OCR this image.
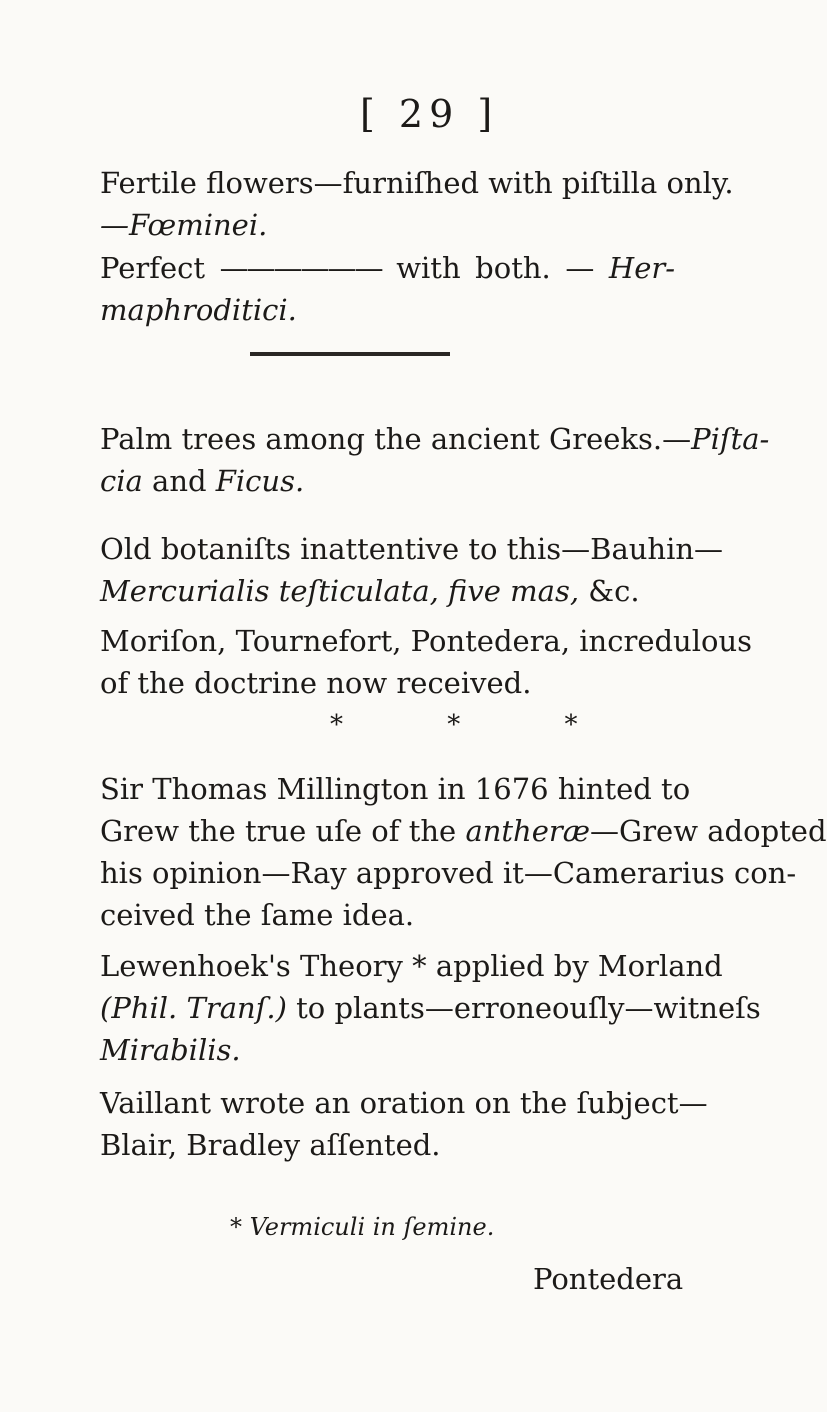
[ 29 ]
Fertile flowers—furniſhed with piſtilla only.
—Fœminei.
Perfect —————— with both. — Her-
maphroditici.
Palm trees among the ancient Greeks.—Piſta-
cia and Ficus.
Old botaniſts inattentive to this—Bauhin—
Mercurialis teſticulata, five mas, &c.
Moriſon, Tournefort, Pontedera, incredulous
of the doctrine now received.
* * *
Sir Thomas Millington in 1676 hinted to
Grew the true uſe of the antheræ—Grew adopted
his opinion—Ray approved it—Camerarius con-
ceived the ſame idea.
Lewenhoek's Theory * applied by Morland
(Phil. Tranſ.) to plants—erroneouſly—witneſs
Mirabilis.
Vaillant wrote an oration on the ſubject—
Blair, Bradley aſſented.
* Vermiculi in ſemine.
Pontedera
